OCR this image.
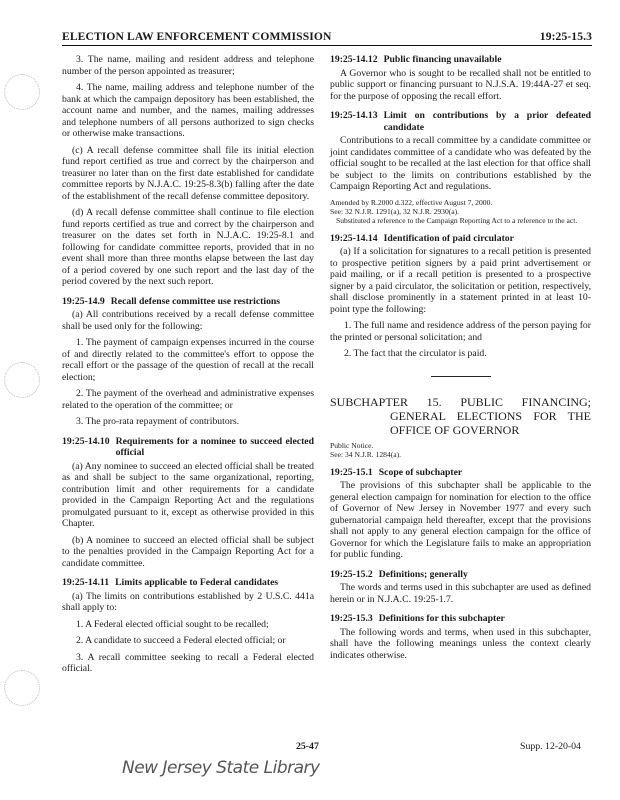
ELECTION LAW ENFORCEMENT COMMISSION	19:25-15.3

3. The name, mailing and resident address and telephone number of the person appointed as treasurer;

4. The name, mailing address and telephone number of the bank at which the campaign depository has been established, the account name and number, and the names, mailing addresses and telephone numbers of all persons authorized to sign checks or otherwise make transactions.

(c) A recall defense committee shall file its initial election fund report certified as true and correct by the chairperson and treasurer no later than on the first date established for candidate committee reports by N.J.A.C. 19:25-8.3(b) falling after the date of the establishment of the recall defense committee depository.

(d) A recall defense committee shall continue to file election fund reports certified as true and correct by the chairperson and treasurer on the dates set forth in N.J.A.C. 19:25-8.1 and following for candidate committee reports, provided that in no event shall more than three months elapse between the last day of a period covered by one such report and the last day of the period covered by the next such report.

19:25-14.9 Recall defense committee use restrictions

(a) All contributions received by a recall defense committee shall be used only for the following:

1. The payment of campaign expenses incurred in the course of and directly related to the committee's effort to oppose the recall effort or the passage of the question of recall at the recall election;

2. The payment of the overhead and administrative expenses related to the operation of the committee; or

3. The pro-rata repayment of contributors.

19:25-14.10 Requirements for a nominee to succeed elected official

(a) Any nominee to succeed an elected official shall be treated as and shall be subject to the same organizational, reporting, contribution limit and other requirements for a candidate provided in the Campaign Reporting Act and the regulations promulgated pursuant to it, except as otherwise provided in this Chapter.

(b) A nominee to succeed an elected official shall be subject to the penalties provided in the Campaign Reporting Act for a candidate committee.

19:25-14.11 Limits applicable to Federal candidates

(a) The limits on contributions established by 2 U.S.C. 441a shall apply to:

1. A Federal elected official sought to be recalled;

2. A candidate to succeed a Federal elected official; or

3. A recall committee seeking to recall a Federal elected official.

19:25-14.12 Public financing unavailable

A Governor who is sought to be recalled shall not be entitled to public support or financing pursuant to N.J.S.A. 19:44A-27 et seq. for the purpose of opposing the recall effort.

19:25-14.13 Limit on contributions by a prior defeated candidate

Contributions to a recall committee by a candidate committee or joint candidates committee of a candidate who was defeated by the official sought to be recalled at the last election for that office shall be subject to the limits on contributions established by the Campaign Reporting Act and regulations.

Amended by R.2000 d.322, effective August 7, 2000.
See: 32 N.J.R. 1291(a), 32 N.J.R. 2930(a).
Substituted a reference to the Campaign Reporting Act to a reference to the act.
19:25-14.14 Identification of paid circulator

(a) If a solicitation for signatures to a recall petition is presented to prospective petition signers by a paid print advertisement or paid mailing, or if a recall petition is presented to a prospective signer by a paid circulator, the solicitation or petition, respectively, shall disclose prominently in a statement printed in at least 10-point type the following:

1. The full name and residence address of the person paying for the printed or personal solicitation; and

2. The fact that the circulator is paid.

SUBCHAPTER 15. PUBLIC FINANCING; GENERAL ELECTIONS FOR THE OFFICE OF GOVERNOR
Public Notice.
See: 34 N.J.R. 1284(a).
19:25-15.1 Scope of subchapter

The provisions of this subchapter shall be applicable to the general election campaign for nomination for election to the office of Governor of New Jersey in November 1977 and every such gubernatorial campaign held thereafter, except that the provisions shall not apply to any general election campaign for the office of Governor for which the Legislature fails to make an appropriation for public funding.

19:25-15.2 Definitions; generally

The words and terms used in this subchapter are used as defined herein or in N.J.A.C. 19:25-1.7.

19:25-15.3 Definitions for this subchapter

The following words and terms, when used in this subchapter, shall have the following meanings unless the context clearly indicates otherwise.

25-47	Supp. 12-20-04
New Jersey State Library
